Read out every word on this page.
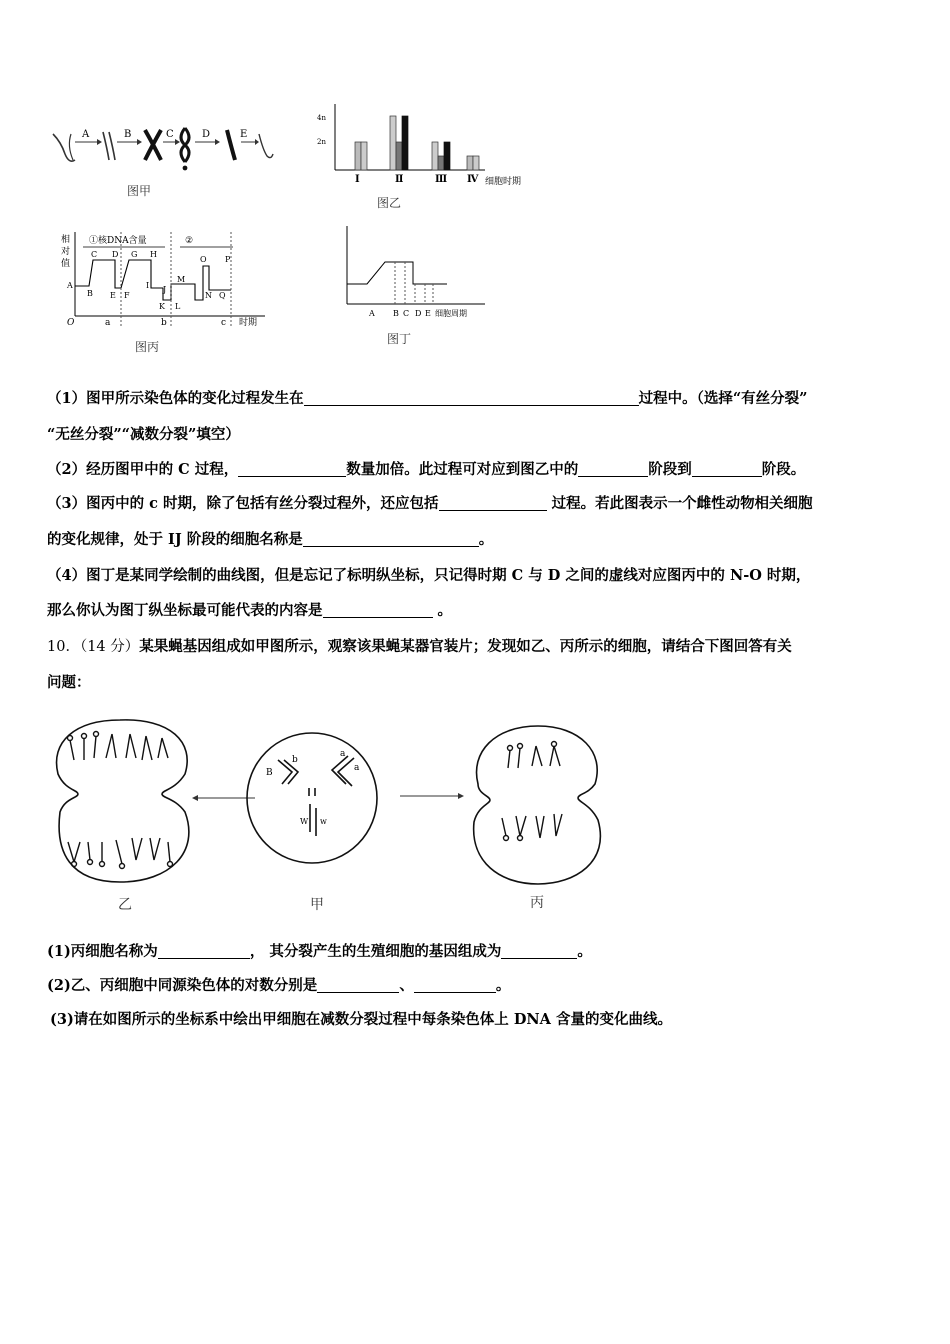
A	B	C	D	E
图甲
4n
2n
Ⅰ	Ⅱ	Ⅲ Ⅳ 细胞时期
图乙
相
对
值
O
①核DNA含量	②
A
B
C D
E F
G H
I J
K L
M
N
O P
Q
a	b	c 时期
图丙
A B C D E 细胞周期
图丁
（1）图甲所示染色体的变化过程发生在	过程中。（选择“有丝分裂”
“无丝分裂”“减数分裂”填空）
（2）经历图甲中的 C 过程，	数量加倍。此过程可对应到图乙中的	阶段到	阶段。
（3）图丙中的 c 时期，除了包括有丝分裂过程外，还应包括	过程。若此图表示一个雌性动物相关细胞
的变化规律，处于 IJ 阶段的细胞名称是	。
（4）图丁是某同学绘制的曲线图，但是忘记了标明纵坐标，只记得时期 C 与 D 之间的虚线对应图丙中的 N-O 时期，
那么你认为图丁纵坐标最可能代表的内容是	。
10．（14 分）某果蝇基因组成如甲图所示，观察该果蝇某器官装片；发现如乙、丙所示的细胞，请结合下图回答有关
问题：
B
b
a
a
W w
乙	甲	丙
(1)丙细胞名称为	， 其分裂产生的生殖细胞的基因组成为	。
(2)乙、丙细胞中同源染色体的对数分别是	、	。
(3)请在如图所示的坐标系中绘出甲细胞在减数分裂过程中每条染色体上 DNA 含量的变化曲线。
